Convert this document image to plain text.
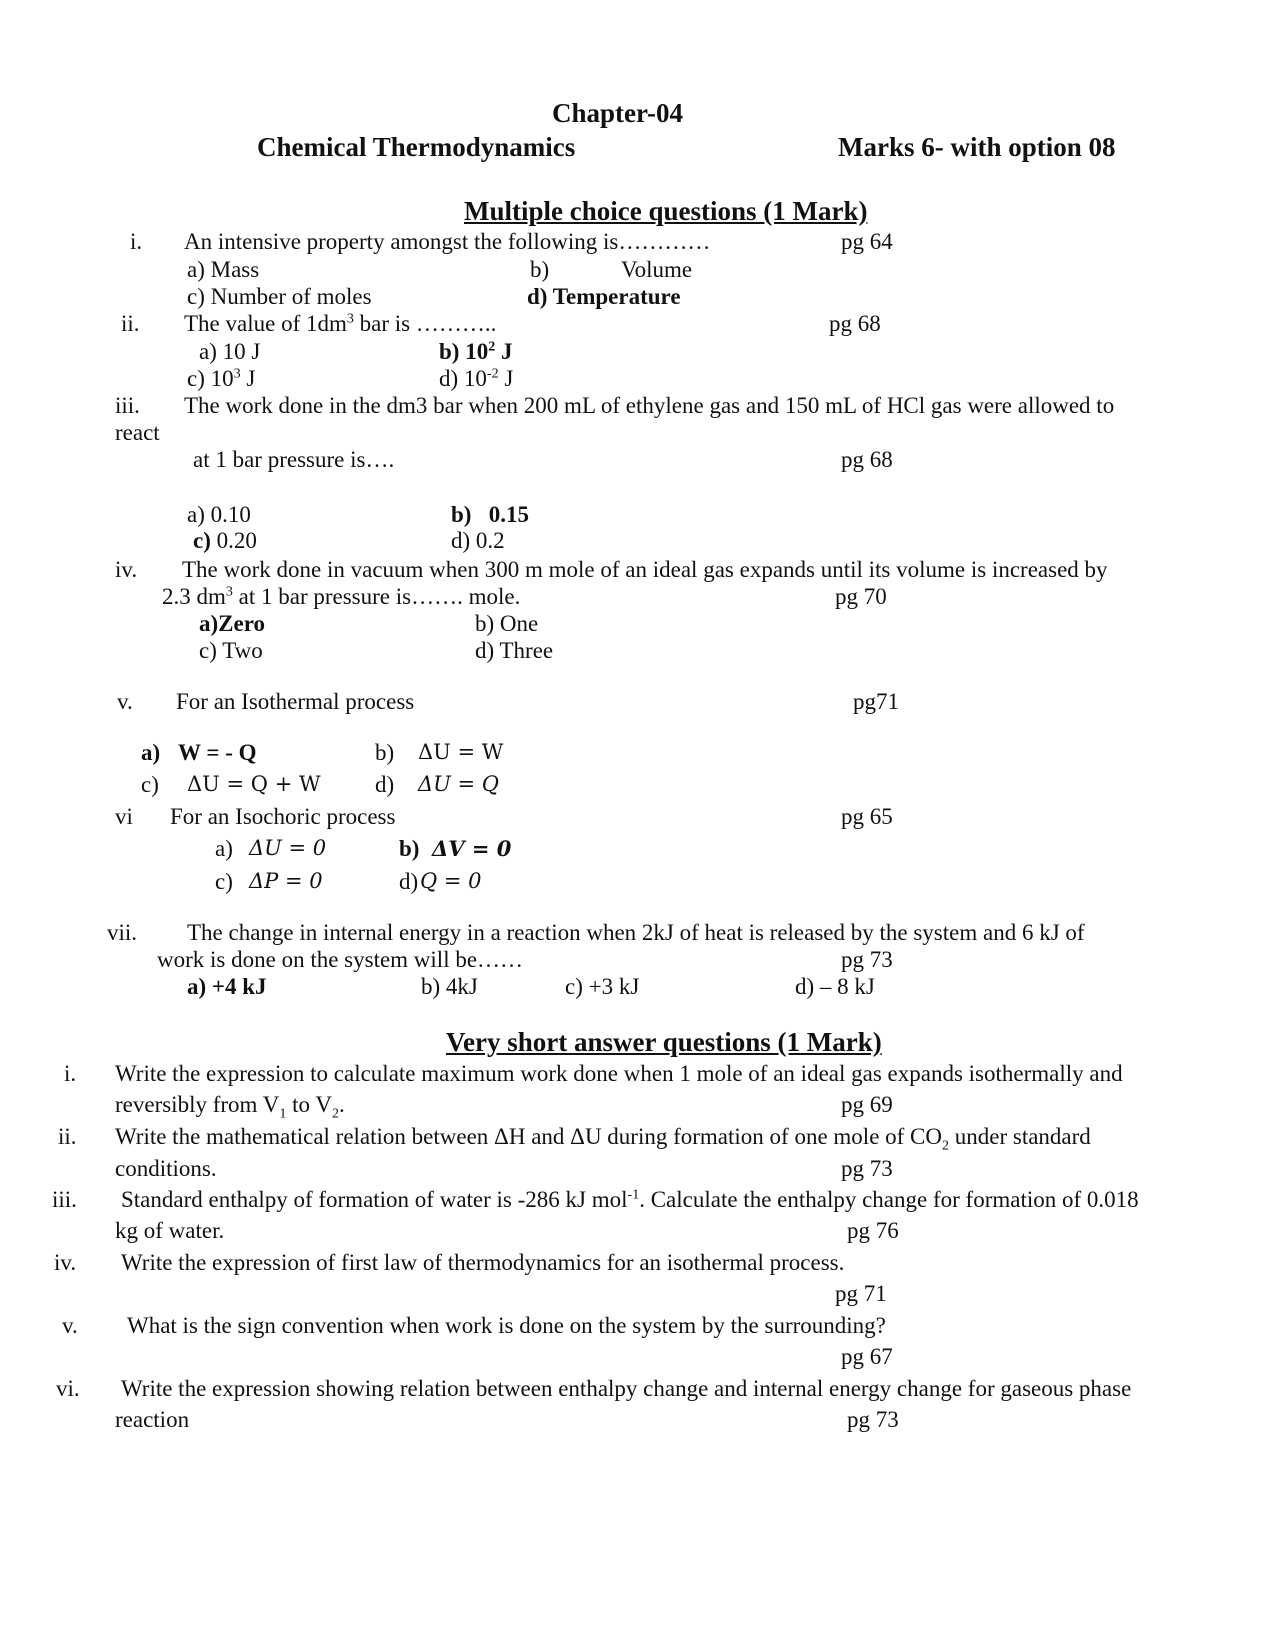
Chapter-04
Chemical Thermodynamics	Marks 6- with option 08
Multiple choice questions (1 Mark)
i. An intensive property amongst the following is…………	pg 64
a) Mass	b)	Volume
c) Number of moles	d) Temperature
ii. The value of $1dm^3$ bar is ………..	pg 68
a) 10 J	b) $10^2$ J
c) $10^3$ J	d) $10^{-2}$ J
iii. The work done in the dm3 bar when 200 mL of ethylene gas and 150 mL of HCl gas were allowed to
react
at 1 bar pressure is….	pg 68
a) 0.10	b) 0.15
c) 0.20	d) 0.2
iv. The work done in vacuum when 300 m mole of an ideal gas expands until its volume is increased by
2.3 $dm^3$ at 1 bar pressure is……. mole.	pg 70
a)Zero	b) One
c) Two	d) Three
v. For an Isothermal process	pg71
a) W = - Q	b) ΔU = W
c) ΔU = Q + W d) ΔU = Q
vi For an Isochoric process	pg 65
a) ΔU = 0	b) ΔV = 0
c) ΔP = 0	d) Q = 0
vii. The change in internal energy in a reaction when 2kJ of heat is released by the system and 6 kJ of
work is done on the system will be……	pg 73
a) +4 kJ	b) 4kJ	c) +3 kJ	d) – 8 kJ
Very short answer questions (1 Mark)
i. Write the expression to calculate maximum work done when 1 mole of an ideal gas expands isothermally and
reversibly from $V_1$ to $V_2$.	pg 69
ii. Write the mathematical relation between ΔH and ΔU during formation of one mole of $CO_2$ under standard
conditions.	pg 73
iii. Standard enthalpy of formation of water is -286 kJ mol$^{-1}$. Calculate the enthalpy change for formation of 0.018
kg of water.	pg 76
iv. Write the expression of first law of thermodynamics for an isothermal process.
pg 71
v. What is the sign convention when work is done on the system by the surrounding?
pg 67
vi. Write the expression showing relation between enthalpy change and internal energy change for gaseous phase
reaction	pg 73
